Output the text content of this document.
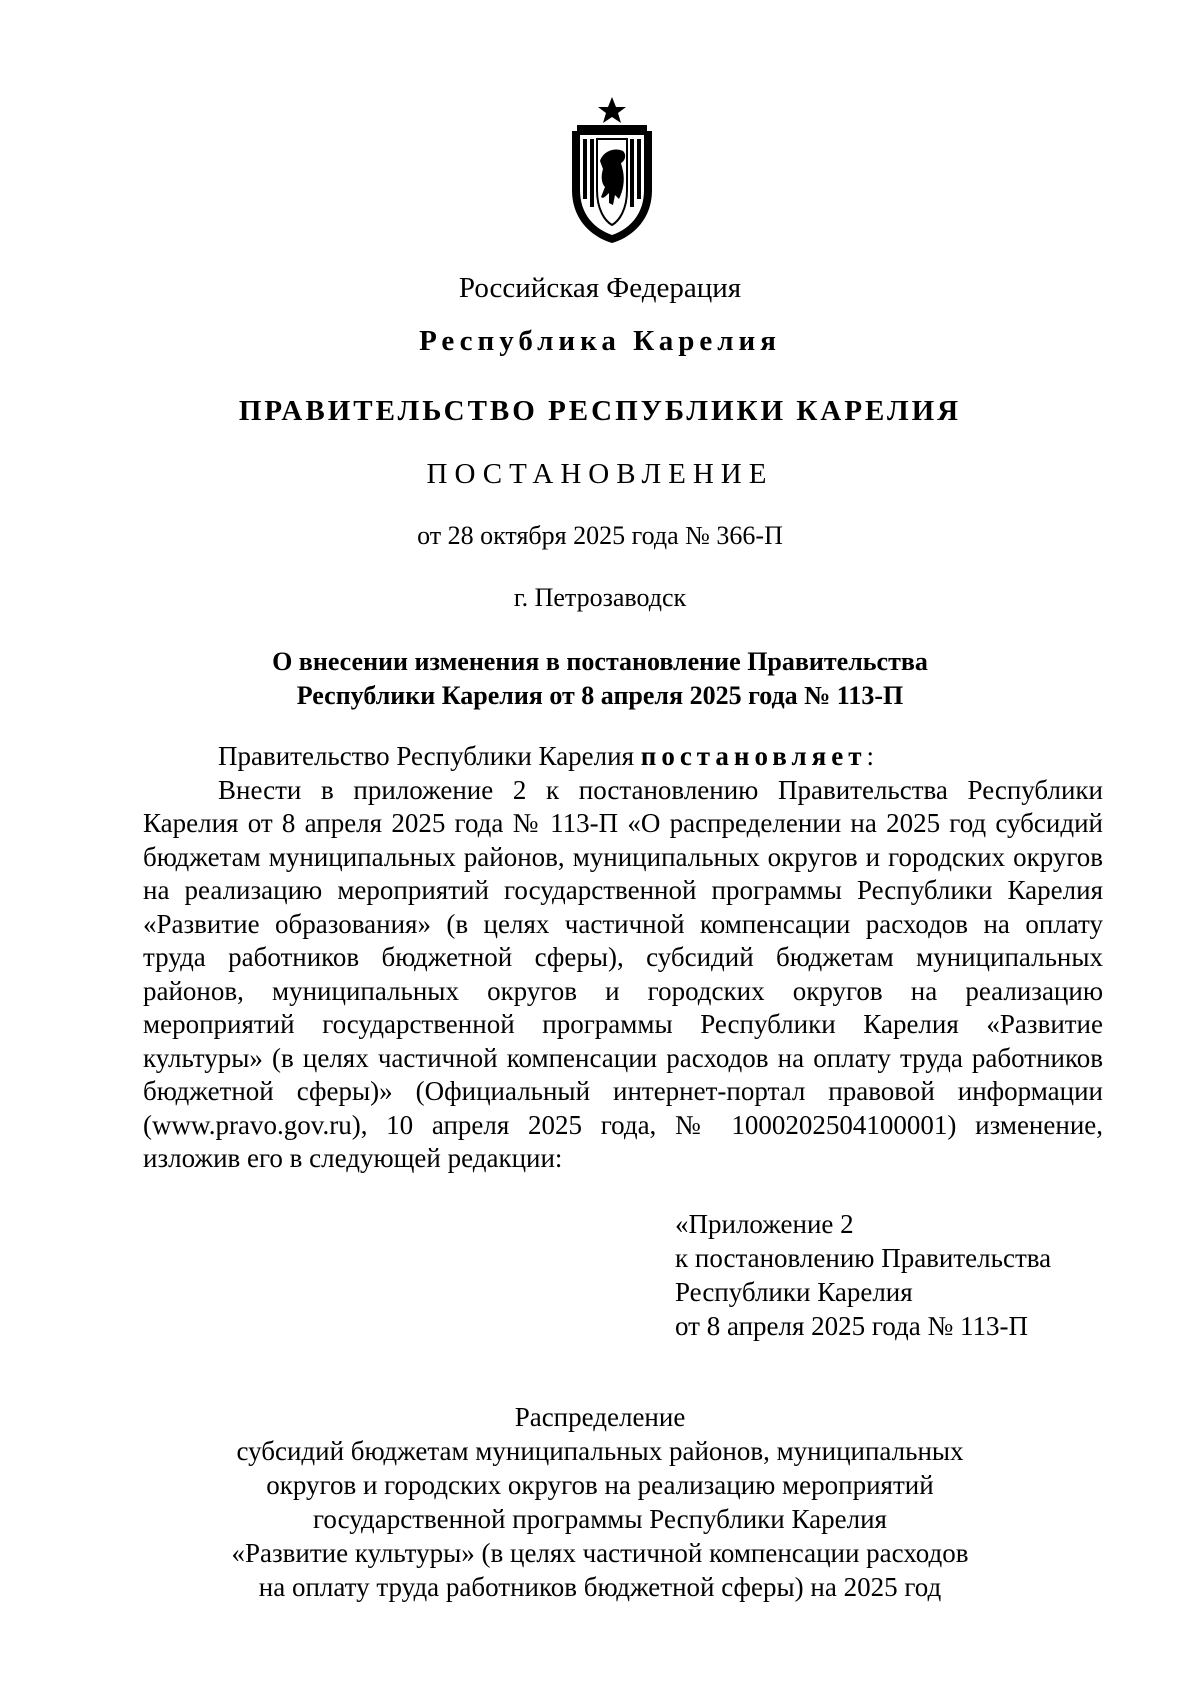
Российская Федерация
Республика Карелия
ПРАВИТЕЛЬСТВО РЕСПУБЛИКИ КАРЕЛИЯ
ПОСТАНОВЛЕНИЕ
от 28 октября 2025 года № 366-П
г. Петрозаводск
О внесении изменения в постановление Правительства
Республики Карелия от 8 апреля 2025 года № 113-П

Правительство Республики Карелия постановляет:

Внести в приложение 2 к постановлению Правительства Республики Карелия от 8 апреля 2025 года № 113-П «О распределении на 2025 год субсидий бюджетам муниципальных районов, муниципальных округов и городских округов на реализацию мероприятий государственной программы Республики Карелия «Развитие образования» (в целях частичной компенсации расходов на оплату труда работников бюджетной сферы), субсидий бюджетам муниципальных районов, муниципальных округов и городских округов на реализацию мероприятий государственной программы Республики Карелия «Развитие культуры» (в целях частичной компенсации расходов на оплату труда работников бюджетной сферы)» (Официальный интернет-портал правовой информации (www.pravo.gov.ru), 10 апреля 2025 года, № 1000202504100001) изменение, изложив его в следующей редакции:

«Приложение 2
к постановлению Правительства
Республики Карелия
от 8 апреля 2025 года № 113-П
Распределение
субсидий бюджетам муниципальных районов, муниципальных
округов и городских округов на реализацию мероприятий
государственной программы Республики Карелия
«Развитие культуры» (в целях частичной компенсации расходов
на оплату труда работников бюджетной сферы) на 2025 год
